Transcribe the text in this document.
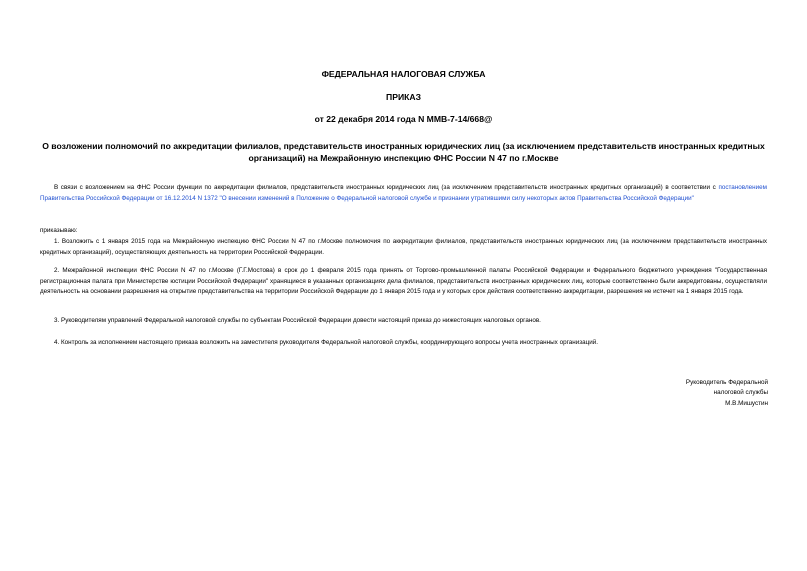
ФЕДЕРАЛЬНАЯ НАЛОГОВАЯ СЛУЖБА
ПРИКАЗ
от 22 декабря 2014 года N ММВ-7-14/668@
О возложении полномочий по аккредитации филиалов, представительств иностранных юридических лиц (за исключением представительств иностранных кредитных организаций) на Межрайонную инспекцию ФНС России N 47 по г.Москве
В связи с возложением на ФНС России функции по аккредитации филиалов, представительств иностранных юридических лиц (за исключением представительств иностранных кредитных организаций) в соответствии с постановлением Правительства Российской Федерации от 16.12.2014 N 1372 "О внесении изменений в Положение о Федеральной налоговой службе и признании утратившими силу некоторых актов Правительства Российской Федерации"
приказываю:
1. Возложить с 1 января 2015 года на Межрайонную инспекцию ФНС России N 47 по г.Москве полномочия по аккредитации филиалов, представительств иностранных юридических лиц (за исключением представительств иностранных кредитных организаций), осуществляющих деятельность на территории Российской Федерации.
2. Межрайонной инспекции ФНС России N 47 по г.Москве (Г.Г.Мостова) в срок до 1 февраля 2015 года принять от Торгово-промышленной палаты Российской Федерации и Федерального бюджетного учреждения "Государственная регистрационная палата при Министерстве юстиции Российской Федерации" хранящиеся в указанных организациях дела филиалов, представительств иностранных юридических лиц, которые соответственно были аккредитованы, осуществляли деятельность на основании разрешения на открытие представительства на территории Российской Федерации до 1 января 2015 года и у которых срок действия соответственно аккредитации, разрешения не истечет на 1 января 2015 года.
3. Руководителям управлений Федеральной налоговой службы по субъектам Российской Федерации довести настоящий приказ до нижестоящих налоговых органов.
4. Контроль за исполнением настоящего приказа возложить на заместителя руководителя Федеральной налоговой службы, координирующего вопросы учета иностранных организаций.
Руководитель Федеральной
налоговой службы
М.В.Мишустин
